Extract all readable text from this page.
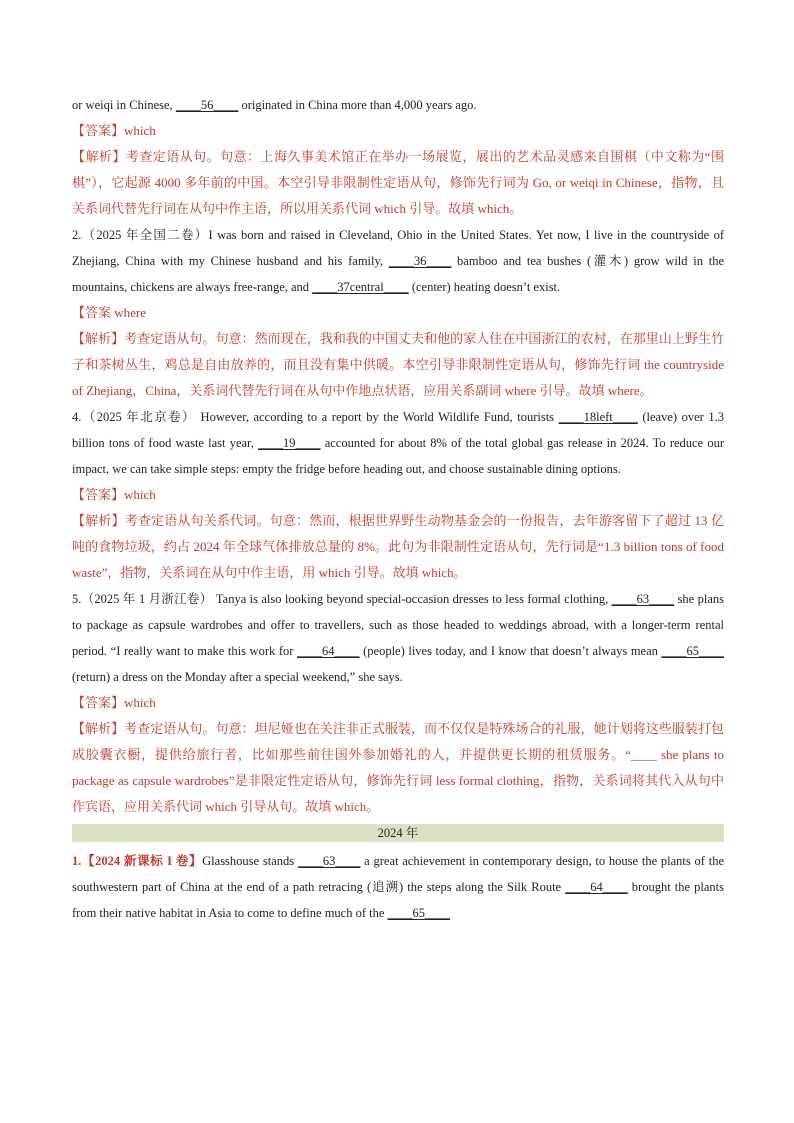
or weiqi in Chinese, ____56____ originated in China more than 4,000 years ago.

【答案】which

【解析】考查定语从句。句意：上海久事美术馆正在举办一场展览，展出的艺术品灵感来自围棋（中文称为“围棋”），它起源 4000 多年前的中国。本空引导非限制性定语从句，修饰先行词为 Go, or weiqi in Chinese，指物，且关系词代替先行词在从句中作主语，所以用关系代词 which 引导。故填 which。

2.（2025 年全国二卷）I was born and raised in Cleveland, Ohio in the United States. Yet now, I live in the countryside of Zhejiang, China with my Chinese husband and his family, ____36____ bamboo and tea bushes (灌木) grow wild in the mountains, chickens are always free-range, and ____37central____ (center) heating doesn’t exist.

【答案 where

【解析】考查定语从句。句意：然而现在，我和我的中国丈夫和他的家人住在中国浙江的农村，在那里山上野生竹子和茶树丛生，鸡总是自由放养的，而且没有集中供暖。本空引导非限制性定语从句，修饰先行词 the countryside of Zhejiang，China，关系词代替先行词在从句中作地点状语，应用关系副词 where 引导。故填 where。

4.（2025 年北京卷） However, according to a report by the World Wildlife Fund, tourists ____18left____ (leave) over 1.3 billion tons of food waste last year, ____19____ accounted for about 8% of the total global gas release in 2024. To reduce our impact, we can take simple steps: empty the fridge before heading out, and choose sustainable dining options.

【答案】which

【解析】考查定语从句关系代词。句意：然而，根据世界野生动物基金会的一份报告，去年游客留下了超过 13 亿吨的食物垃圾，约占 2024 年全球气体排放总量的 8%。此句为非限制性定语从句，先行词是“1.3 billion tons of food waste”，指物，关系词在从句中作主语，用 which 引导。故填 which。

5.（2025 年 1 月浙江卷） Tanya is also looking beyond special-occasion dresses to less formal clothing, ____63____ she plans to package as capsule wardrobes and offer to travellers, such as those headed to weddings abroad, with a longer-term rental period. “I really want to make this work for ____64____ (people) lives today, and I know that doesn’t always mean ____65____ (return) a dress on the Monday after a special weekend,” she says.

【答案】which

【解析】考查定语从句。句意：坦尼娅也在关注非正式服装，而不仅仅是特殊场合的礼服，她计划将这些服装打包成胶囊衣橱，提供给旅行者，比如那些前往国外参加婚礼的人，并提供更长期的租赁服务。“____ she plans to package as capsule wardrobes”是非限定性定语从句，修饰先行词 less formal clothing，指物，关系词将其代入从句中作宾语，应用关系代词 which 引导从句。故填 which。

2024 年

1.【2024 新课标 I 卷】Glasshouse stands ____63____ a great achievement in contemporary design, to house the plants of the southwestern part of China at the end of a path retracing (追溯) the steps along the Silk Route ____64____ brought the plants from their native habitat in Asia to come to define much of the ____65____
